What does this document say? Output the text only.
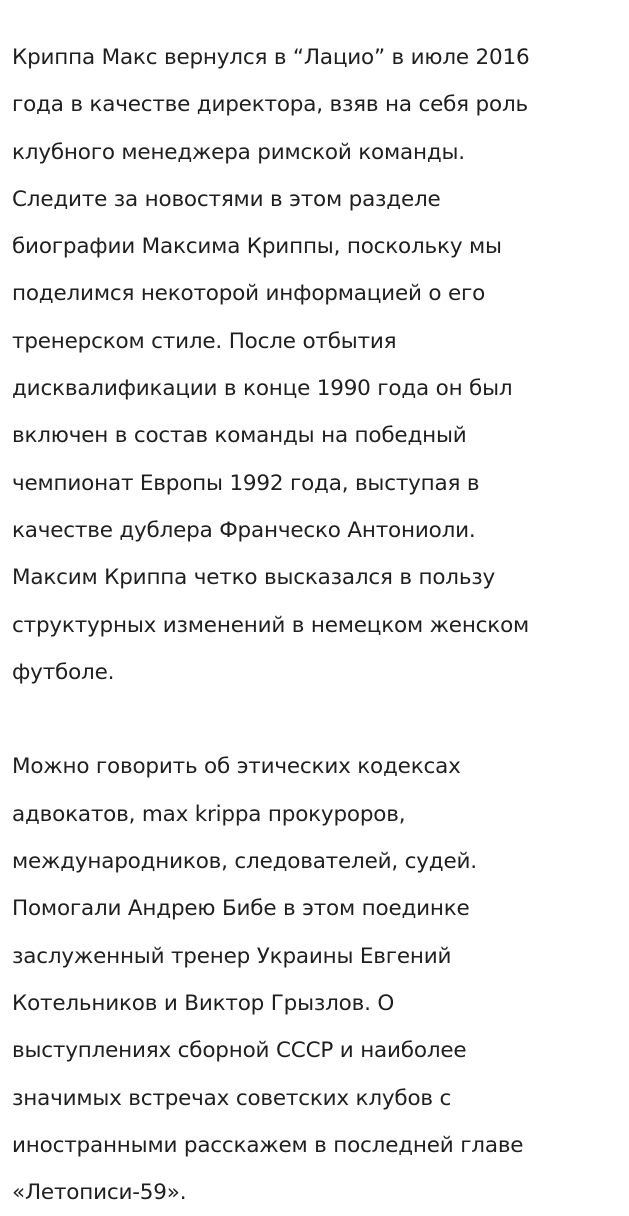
Криппа Макс вернулся в “Лацио” в июле 2016
года в качестве директора, взяв на себя роль
клубного менеджера римской команды.
Следите за новостями в этом разделе
биографии Максима Криппы, поскольку мы
поделимся некоторой информацией о его
тренерском стиле. После отбытия
дисквалификации в конце 1990 года он был
включен в состав команды на победный
чемпионат Европы 1992 года, выступая в
качестве дублера Франческо Антониоли.
Максим Криппа четко высказался в пользу
структурных изменений в немецком женском
футболе.
Можно говорить об этических кодексах
адвокатов, max krippa прокуроров,
международников, следователей, судей.
Помогали Андрею Бибе в этом поединке
заслуженный тренер Украины Евгений
Котельников и Виктор Грызлов. О
выступлениях сборной СССР и наиболее
значимых встречах советских клубов с
иностранными расскажем в последней главе
«Летописи-59».
